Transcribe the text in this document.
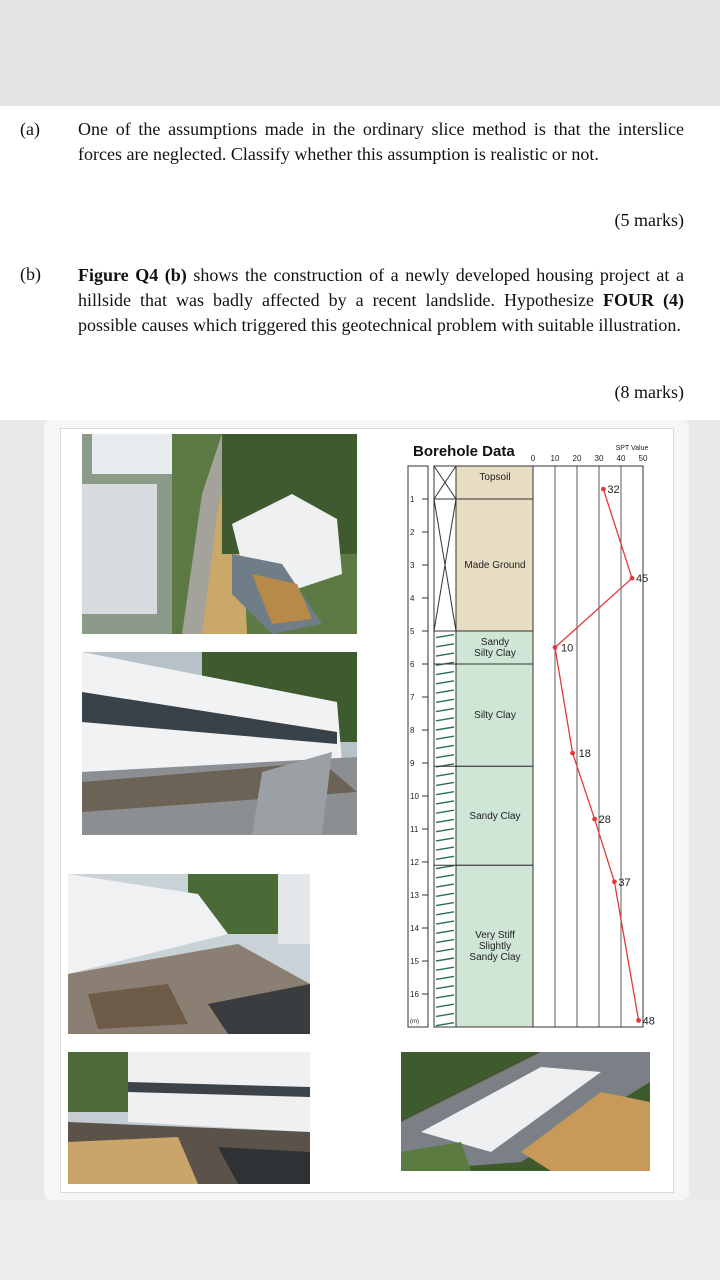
(a) One of the assumptions made in the ordinary slice method is that the interslice forces are neglected. Classify whether this assumption is realistic or not.
(5 marks)
(b) Figure Q4 (b) shows the construction of a newly developed housing project at a hillside that was badly affected by a recent landslide. Hypothesize FOUR (4) possible causes which triggered this geotechnical problem with suitable illustration.
(8 marks)
Borehole Data
1
2
3
4
5
6
7
8
9
10
11
12
13
14
15
16
(m)
Topsoil
Made Ground
Sandy
Silty Clay
Silty Clay
Sandy Clay
Very Stiff
Slightly
Sandy Clay
0 10 20 30 40 50
SPT Value
32
45
10
18
28
37
48
